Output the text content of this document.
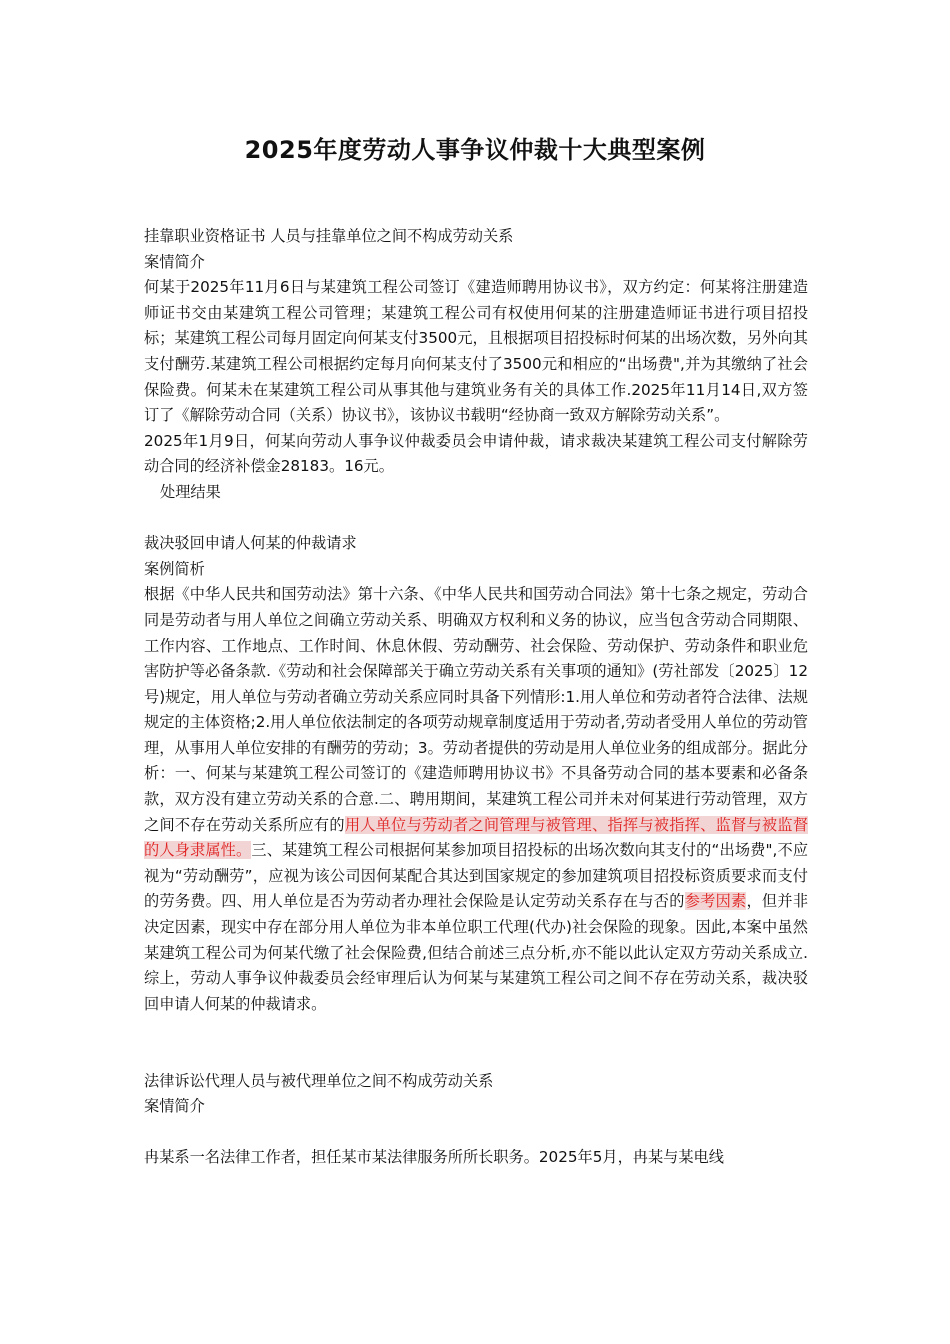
2025年度劳动人事争议仲裁十大典型案例

挂靠职业资格证书 人员与挂靠单位之间不构成劳动关系

案情简介

何某于2025年11月6日与某建筑工程公司签订《建造师聘用协议书》，双方约定：何某将注册建造师证书交由某建筑工程公司管理；某建筑工程公司有权使用何某的注册建造师证书进行项目招投标；某建筑工程公司每月固定向何某支付3500元，且根据项目招投标时何某的出场次数，另外向其支付酬劳.某建筑工程公司根据约定每月向何某支付了3500元和相应的“出场费",并为其缴纳了社会保险费。何某未在某建筑工程公司从事其他与建筑业务有关的具体工作.2025年11月14日,双方签订了《解除劳动合同（关系）协议书》，该协议书载明“经协商一致双方解除劳动关系”。

2025年1月9日，何某向劳动人事争议仲裁委员会申请仲裁，请求裁决某建筑工程公司支付解除劳动合同的经济补偿金28183。16元。

处理结果

裁决驳回申请人何某的仲裁请求

案例简析

根据《中华人民共和国劳动法》第十六条、《中华人民共和国劳动合同法》第十七条之规定，劳动合同是劳动者与用人单位之间确立劳动关系、明确双方权利和义务的协议，应当包含劳动合同期限、工作内容、工作地点、工作时间、休息休假、劳动酬劳、社会保险、劳动保护、劳动条件和职业危害防护等必备条款.《劳动和社会保障部关于确立劳动关系有关事项的通知》(劳社部发〔2025〕12号)规定，用人单位与劳动者确立劳动关系应同时具备下列情形:1.用人单位和劳动者符合法律、法规规定的主体资格;2.用人单位依法制定的各项劳动规章制度适用于劳动者,劳动者受用人单位的劳动管理，从事用人单位安排的有酬劳的劳动；3。劳动者提供的劳动是用人单位业务的组成部分。据此分析：一、何某与某建筑工程公司签订的《建造师聘用协议书》不具备劳动合同的基本要素和必备条款，双方没有建立劳动关系的合意.二、聘用期间，某建筑工程公司并未对何某进行劳动管理，双方之间不存在劳动关系所应有的用人单位与劳动者之间管理与被管理、指挥与被指挥、监督与被监督的人身隶属性。三、某建筑工程公司根据何某参加项目招投标的出场次数向其支付的“出场费",不应视为“劳动酬劳”，应视为该公司因何某配合其达到国家规定的参加建筑项目招投标资质要求而支付的劳务费。四、用人单位是否为劳动者办理社会保险是认定劳动关系存在与否的参考因素，但并非决定因素，现实中存在部分用人单位为非本单位职工代理(代办)社会保险的现象。因此,本案中虽然某建筑工程公司为何某代缴了社会保险费,但结合前述三点分析,亦不能以此认定双方劳动关系成立.综上，劳动人事争议仲裁委员会经审理后认为何某与某建筑工程公司之间不存在劳动关系，裁决驳回申请人何某的仲裁请求。

法律诉讼代理人员与被代理单位之间不构成劳动关系

案情简介

冉某系一名法律工作者，担任某市某法律服务所所长职务。2025年5月，冉某与某电线
